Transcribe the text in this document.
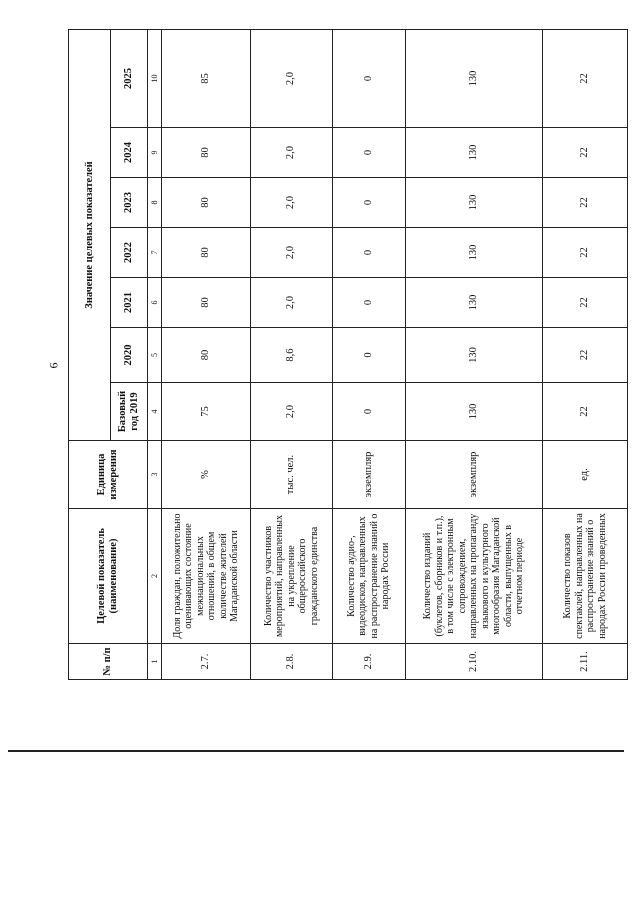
6
№ п/п	Целевой показатель (наименование)	Единица измерения	Значение целевых показателей						
			Базовый год 2019	2020	2021	2022	2023	2024	2025
1	2	3	4	5	6	7	8	9	10
2.7.	Доля граждан, положительно оценивающих состояние межнациональных отношений, в общем количестве жителей Магаданской области	%	75	80	80	80	80	80	85
2.8.	Количество участников мероприятий, направленных на укрепление общероссийского гражданского единства	тыс. чел.	2,0	8,6	2,0	2,0	2,0	2,0	2,0
2.9.	Количество аудио-, видеодисков, направленных на распространение знаний о народах России	экземпляр	0	0	0	0	0	0	0
2.10.	Количество изданий (буклетов, сборников и т.п.), в том числе с электронным сопровождением, направленных на пропаганду языкового и культурного многообразия Магаданской области, выпущенных в отчетном периоде	экземпляр	130	130	130	130	130	130	130
2.11.	Количество показов спектаклей, направленных на распространение знаний о народах России проведенных	ед.	22	22	22	22	22	22	22
